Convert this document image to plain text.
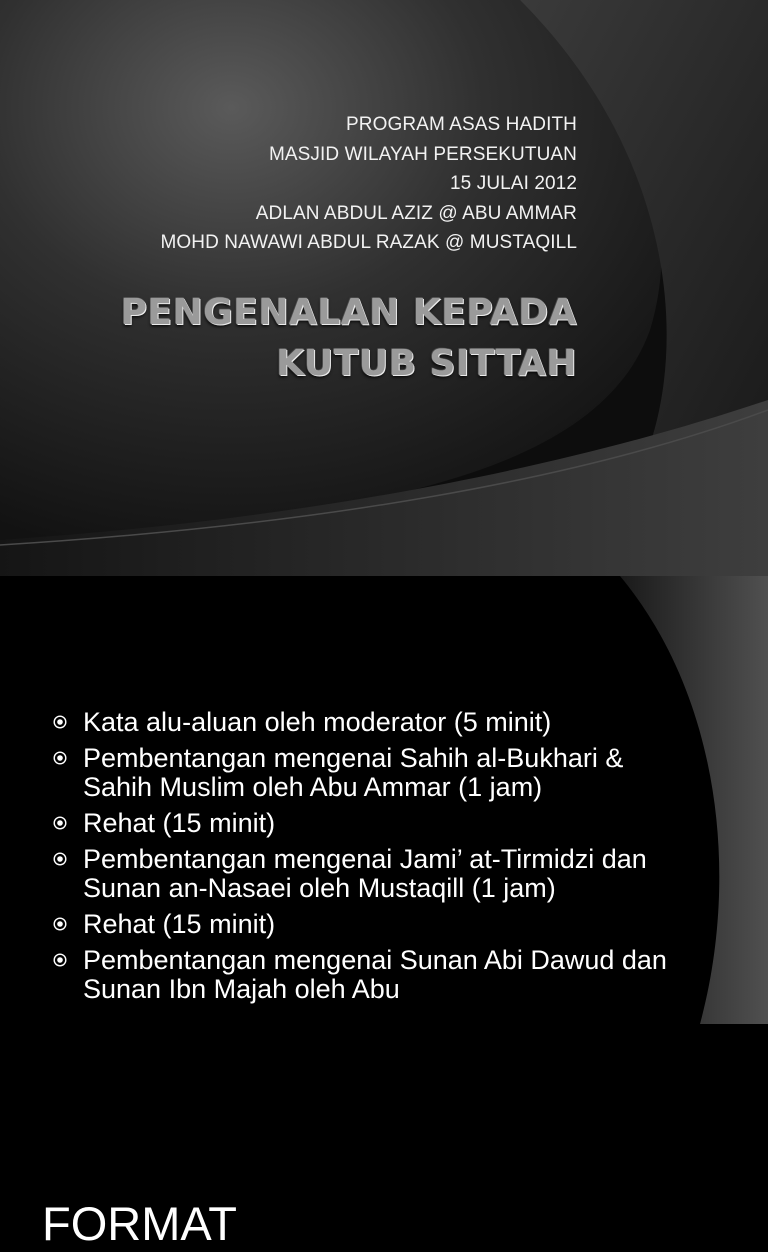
PROGRAM ASAS HADITH
MASJID WILAYAH PERSEKUTUAN
15 JULAI 2012
ADLAN ABDUL AZIZ @ ABU AMMAR
MOHD NAWAWI ABDUL RAZAK @ MUSTAQILL
PENGENALAN KEPADA
KUTUB SITTAH
FORMAT
Kata alu-aluan oleh moderator (5 minit)
Pembentangan mengenai Sahih al-Bukhari & Sahih Muslim oleh Abu Ammar (1 jam)
Rehat (15 minit)
Pembentangan mengenai Jami’ at-Tirmidzi dan Sunan an-Nasaei oleh Mustaqill (1 jam)
Rehat (15 minit)
Pembentangan mengenai Sunan Abi Dawud dan Sunan Ibn Majah oleh Abu
